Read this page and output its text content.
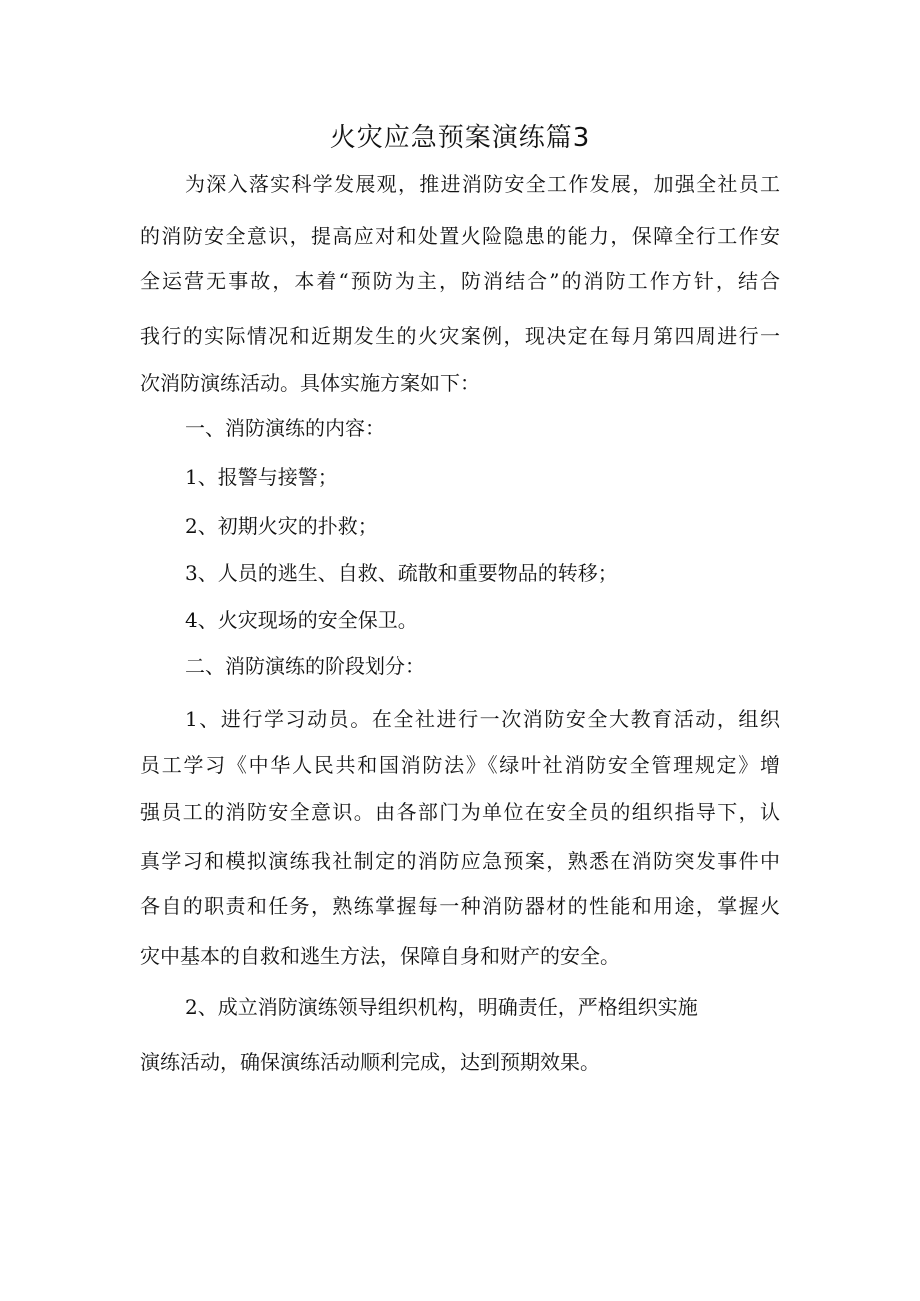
火灾应急预案演练篇3
为深入落实科学发展观，推进消防安全工作发展，加强全社员工
的消防安全意识，提高应对和处置火险隐患的能力，保障全行工作安
全运营无事故，本着“预防为主，防消结合”的消防工作方针，结合
我行的实际情况和近期发生的火灾案例，现决定在每月第四周进行一
次消防演练活动。具体实施方案如下：
一、消防演练的内容：
1、报警与接警；
2、初期火灾的扑救；
3、人员的逃生、自救、疏散和重要物品的转移；
4、火灾现场的安全保卫。
二、消防演练的阶段划分：
1、进行学习动员。在全社进行一次消防安全大教育活动，组织
员工学习《中华人民共和国消防法》《绿叶社消防安全管理规定》增
强员工的消防安全意识。由各部门为单位在安全员的组织指导下，认
真学习和模拟演练我社制定的消防应急预案，熟悉在消防突发事件中
各自的职责和任务，熟练掌握每一种消防器材的性能和用途，掌握火
灾中基本的自救和逃生方法，保障自身和财产的安全。
2、成立消防演练领导组织机构，明确责任，严格组织实施
演练活动，确保演练活动顺利完成，达到预期效果。
